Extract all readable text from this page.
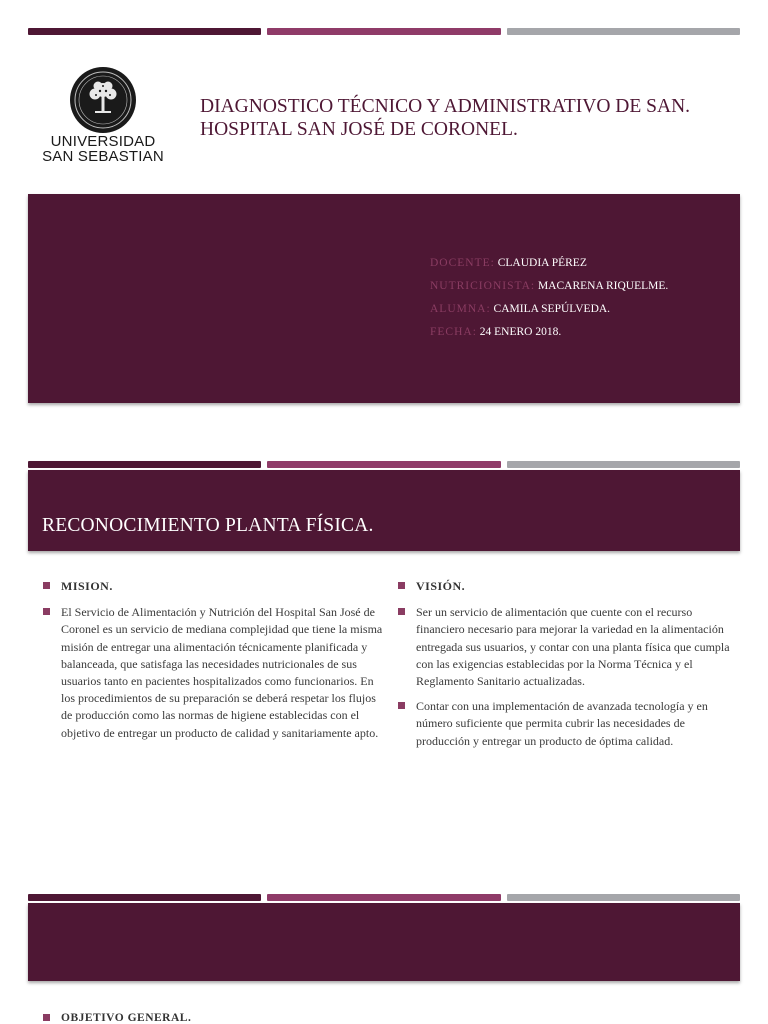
UNIVERSIDAD
SAN SEBASTIAN
DIAGNOSTICO TÉCNICO Y ADMINISTRATIVO DE SAN.
HOSPITAL SAN JOSÉ DE CORONEL.
DOCENTE: CLAUDIA PÉREZ
NUTRICIONISTA: MACARENA RIQUELME.
ALUMNA: CAMILA SEPÚLVEDA.
FECHA: 24 ENERO 2018.
RECONOCIMIENTO PLANTA FÍSICA.
MISION.
El Servicio de Alimentación y Nutrición del Hospital San José de Coronel es un servicio de mediana complejidad que tiene la misma misión de entregar una alimentación técnicamente planificada y balanceada, que satisfaga las necesidades nutricionales de sus usuarios tanto en pacientes hospitalizados como funcionarios. En los procedimientos de su preparación se deberá respetar los flujos de producción como las normas de higiene establecidas con el objetivo de entregar un producto de calidad y sanitariamente apto.
VISIÓN.
Ser un servicio de alimentación que cuente con el recurso financiero necesario para mejorar la variedad en la alimentación entregada sus usuarios, y contar con una planta física que cumpla con las exigencias establecidas por la Norma Técnica y el Reglamento Sanitario actualizadas.
Contar con una implementación de avanzada tecnología y en número suficiente que permita cubrir las necesidades de producción y entregar un producto de óptima calidad.
OBJETIVO GENERAL.
